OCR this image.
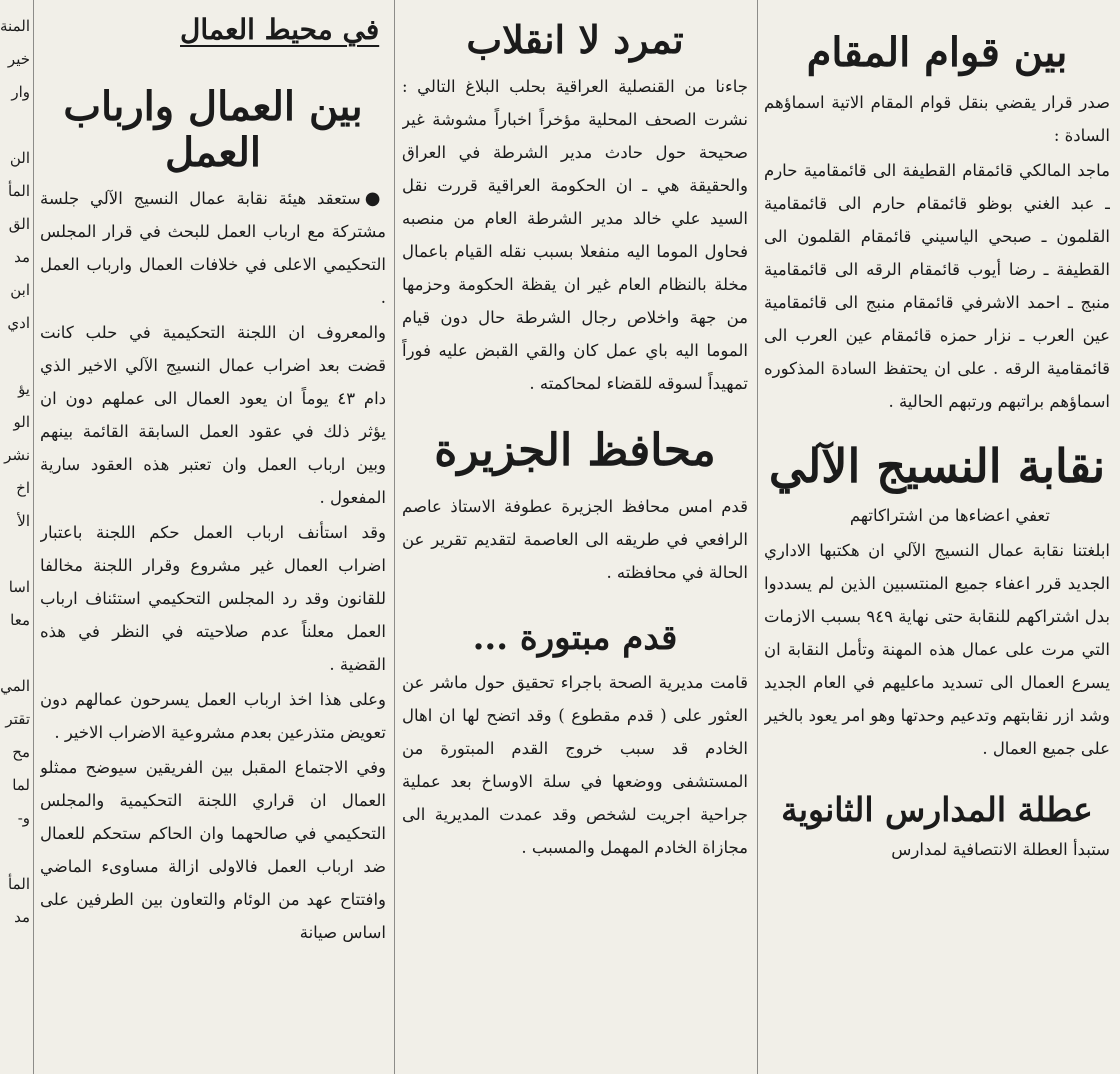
بين قوام المقام

صدر قرار يقضي بنقل قوام المقام الاتية اسماؤهم السادة :

ماجد المالكي قائمقام القطيفة الى قائمقامية حارم ـ عبد الغني بوظو قائمقام حارم الى قائمقامية القلمون ـ صبحي الياسيني قائمقام القلمون الى القطيفة ـ رضا أيوب قائمقام الرقه الى قائمقامية منبج ـ احمد الاشرفي قائمقام منبج الى قائمقامية عين العرب ـ نزار حمزه قائمقام عين العرب الى قائمقامية الرقه . على ان يحتفظ السادة المذكوره اسماؤهم براتبهم ورتبهم الحالية .

نقابة النسيج الآلي

تعفي اعضاءها من اشتراكاتهم

ابلغتنا نقابة عمال النسيج الآلي ان هكتبها الاداري الجديد قرر اعفاء جميع المنتسبين الذين لم يسددوا بدل اشتراكهم للنقابة حتى نهاية ٩٤٩ بسبب الازمات التي مرت على عمال هذه المهنة وتأمل النقابة ان يسرع العمال الى تسديد ماعليهم في العام الجديد وشد ازر نقابتهم وتدعيم وحدتها وهو امر يعود بالخير على جميع العمال .

عطلة المدارس الثانوية

ستبدأ العطلة الانتصافية لمدارس

تمرد لا انقلاب

جاءنا من القنصلية العراقية بحلب البلاغ التالي : نشرت الصحف المحلية مؤخراً اخباراً مشوشة غير صحيحة حول حادث مدير الشرطة في العراق والحقيقة هي ـ ان الحكومة العراقية قررت نقل السيد علي خالد مدير الشرطة العام من منصبه فحاول الموما اليه منفعلا بسبب نقله القيام باعمال مخلة بالنظام العام غير ان يقظة الحكومة وحزمها من جهة واخلاص رجال الشرطة حال دون قيام الموما اليه باي عمل كان والقي القبض عليه فوراً تمهيداً لسوقه للقضاء لمحاكمته .

محافظ الجزيرة

قدم امس محافظ الجزيرة عطوفة الاستاذ عاصم الرافعي في طريقه الى العاصمة لتقديم تقرير عن الحالة في محافظته .

قدم مبتورة ...

قامت مديرية الصحة باجراء تحقيق حول ماشر عن العثور على ( قدم مقطوع ) وقد اتضح لها ان اهال الخادم قد سبب خروج القدم المبتورة من المستشفى ووضعها في سلة الاوساخ بعد عملية جراحية اجريت لشخص وقد عمدت المديرية الى مجازاة الخادم المهمل والمسبب .

في محيط العمال
بين العمال وارباب العمل

●ستعقد هيئة نقابة عمال النسيج الآلي جلسة مشتركة مع ارباب العمل للبحث في قرار المجلس التحكيمي الاعلى في خلافات العمال وارباب العمل .

والمعروف ان اللجنة التحكيمية في حلب كانت قضت بعد اضراب عمال النسيج الآلي الاخير الذي دام ٤٣ يوماً ان يعود العمال الى عملهم دون ان يؤثر ذلك في عقود العمل السابقة القائمة بينهم وبين ارباب العمل وان تعتبر هذه العقود سارية المفعول .

وقد استأنف ارباب العمل حكم اللجنة باعتبار اضراب العمال غير مشروع وقرار اللجنة مخالفا للقانون وقد رد المجلس التحكيمي استئناف ارباب العمل معلناً عدم صلاحيته في النظر في هذه القضية .

وعلى هذا اخذ ارباب العمل يسرحون عمالهم دون تعويض متذرعين بعدم مشروعية الاضراب الاخير .

وفي الاجتماع المقبل بين الفريقين سيوضح ممثلو العمال ان قراري اللجنة التحكيمية والمجلس التحكيمي في صالحهما وان الحاكم ستحكم للعمال ضد ارباب العمل فالاولى ازالة مساوىء الماضي وافتتاح عهد من الوئام والتعاون بين الطرفين على اساس صيانة

المنة
خير
وار

الن
المأ
الق
مد
ابن
ادي

يؤ
الو
نشر
اخ
الأ

اسا
معا

المي
تقتر
مح
لما
و-

المأ
مد
